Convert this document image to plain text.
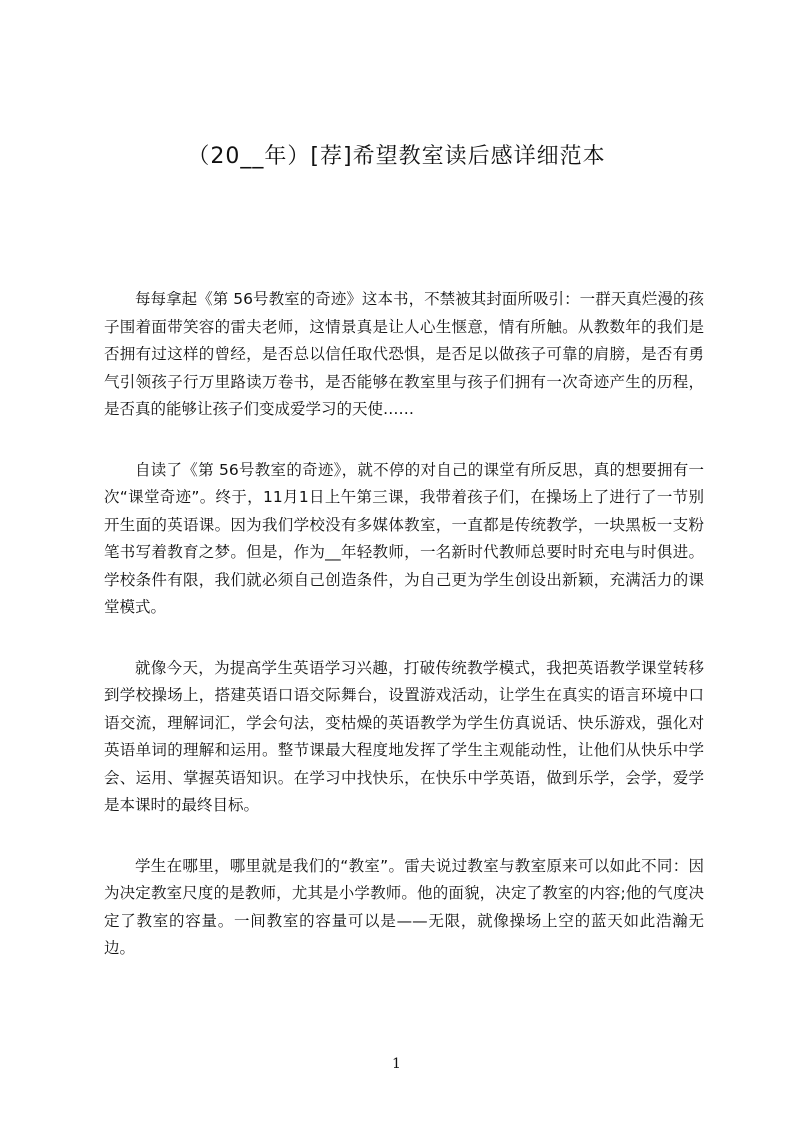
（20__年）[荐]希望教室读后感详细范本

每每拿起《第 56号教室的奇迹》这本书，不禁被其封面所吸引：一群天真烂漫的孩子围着面带笑容的雷夫老师，这情景真是让人心生惬意，情有所触。从教数年的我们是否拥有过这样的曾经，是否总以信任取代恐惧，是否足以做孩子可靠的肩膀，是否有勇气引领孩子行万里路读万卷书，是否能够在教室里与孩子们拥有一次奇迹产生的历程，是否真的能够让孩子们变成爱学习的天使……

自读了《第 56号教室的奇迹》，就不停的对自己的课堂有所反思，真的想要拥有一次“课堂奇迹”。终于，11月1日上午第三课，我带着孩子们，在操场上了进行了一节别开生面的英语课。因为我们学校没有多媒体教室，一直都是传统教学，一块黑板一支粉笔书写着教育之梦。但是，作为__年轻教师，一名新时代教师总要时时充电与时俱进。学校条件有限，我们就必须自己创造条件，为自己更为学生创设出新颖，充满活力的课堂模式。

就像今天，为提高学生英语学习兴趣，打破传统教学模式，我把英语教学课堂转移到学校操场上，搭建英语口语交际舞台，设置游戏活动，让学生在真实的语言环境中口语交流，理解词汇，学会句法，变枯燥的英语教学为学生仿真说话、快乐游戏，强化对英语单词的理解和运用。整节课最大程度地发挥了学生主观能动性，让他们从快乐中学会、运用、掌握英语知识。在学习中找快乐，在快乐中学英语，做到乐学，会学，爱学是本课时的最终目标。

学生在哪里，哪里就是我们的“教室”。雷夫说过教室与教室原来可以如此不同：因为决定教室尺度的是教师，尤其是小学教师。他的面貌，决定了教室的内容;他的气度决定了教室的容量。一间教室的容量可以是——无限，就像操场上空的蓝天如此浩瀚无边。

1
